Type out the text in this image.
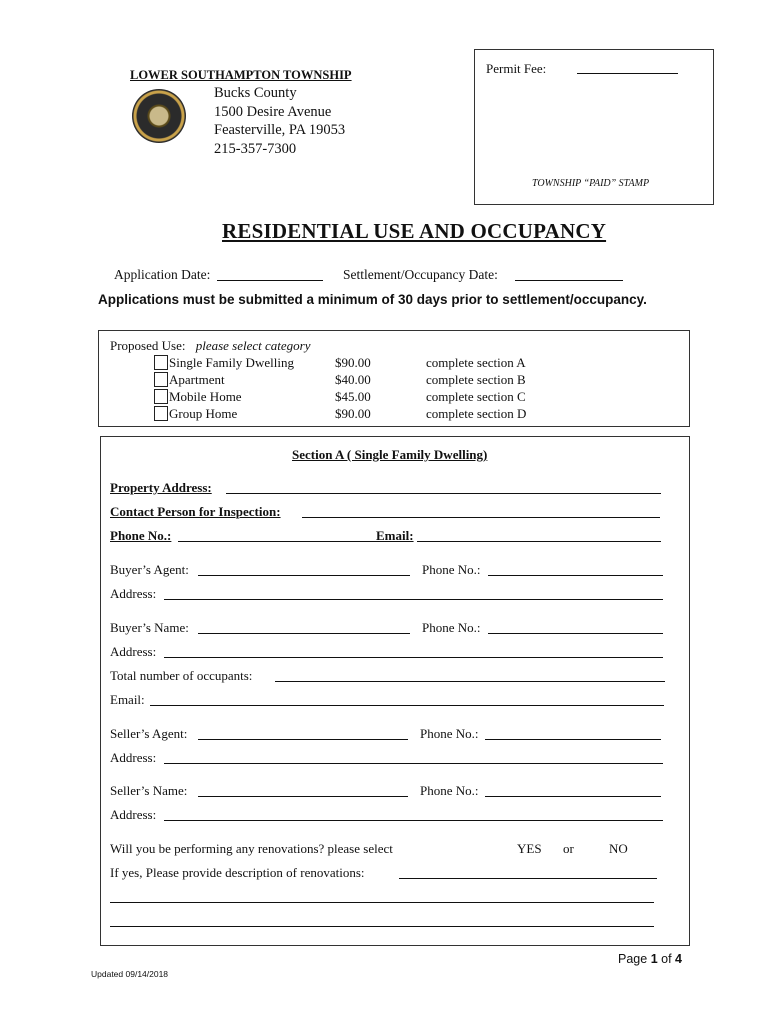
LOWER SOUTHAMPTON TOWNSHIP
Bucks County
1500 Desire Avenue
Feasterville, PA 19053
215-357-7300
Permit Fee:
TOWNSHIP “PAID” STAMP
RESIDENTIAL USE AND OCCUPANCY
Application Date:	Settlement/Occupancy Date:
Applications must be submitted a minimum of 30 days prior to settlement/occupancy.
Proposed Use: please select category
Single Family Dwelling	$90.00	complete section A
Apartment	$40.00	complete section B
Mobile Home	$45.00	complete section C
Group Home	$90.00	complete section D
Section A ( Single Family Dwelling)
Property Address:
Contact Person for Inspection:
Phone No.:	Email:
Buyer’s Agent:	Phone No.:
Address:
Buyer’s Name:	Phone No.:
Address:
Total number of occupants:
Email:
Seller’s Agent:	Phone No.:
Address:
Seller’s Name:	Phone No.:
Address:
Will you be performing any renovations? please select	YES or	NO
If yes, Please provide description of renovations:
Page 1 of 4
Updated 09/14/2018
